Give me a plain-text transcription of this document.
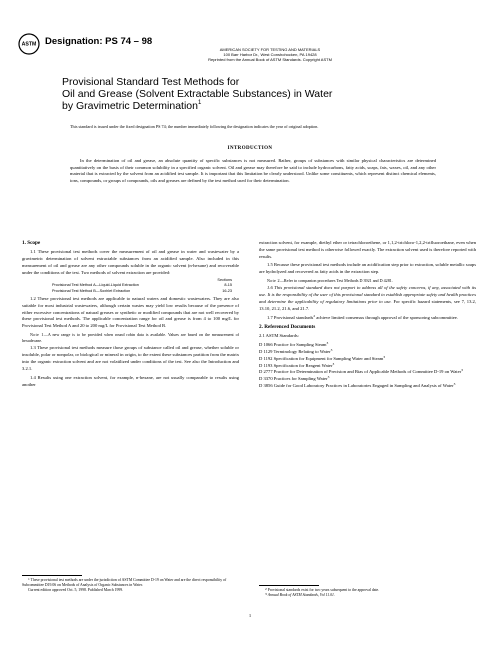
ASTM Designation: PS 74 – 98
AMERICAN SOCIETY FOR TESTING AND MATERIALS
100 Barr Harbor Dr., West Conshohocken, PA 19428
Reprinted from the Annual Book of ASTM Standards. Copyright ASTM
Provisional Standard Test Methods for
Oil and Grease (Solvent Extractable Substances) in Water
by Gravimetric Determination$^1$
This standard is issued under the fixed designation PS 74; the number immediately following the designation indicates the year of original adoption.
INTRODUCTION

In the determination of oil and grease, an absolute quantity of specific substances is not measured. Rather, groups of substances with similar physical characteristics are determined quantitatively on the basis of their common solubility in a specified organic solvent. Oil and grease may therefore be said to include hydrocarbons, fatty acids, soaps, fats, waxes, oil, and any other material that is extracted by the solvent from an acidified test sample. It is important that this limitation be clearly understood. Unlike some constituents, which represent distinct chemical elements, ions, compounds, or groups of compounds, oils and greases are defined by the test method used for their determination.

1. Scope

1.1 These provisional test methods cover the measurement of oil and grease in water and wastewater by a gravimetric determination of solvent extractable substances from an acidified sample. Also included in this measurement of oil and grease are any other compounds soluble in the organic solvent (n-hexane) and recoverable under the conditions of the test. Two methods of solvent extraction are provided:

Sections
Provisional Test Method A—Liquid-Liquid Extraction	8-15
Provisional Test Method B—Soxhlet Extraction	16-23

1.2 These provisional test methods are applicable to natural waters and domestic wastewaters. They are also suitable for most industrial wastewaters, although certain wastes may yield low results because of the presence of either excessive concentrations of natural greases or synthetic or modified compounds that are not well recovered by these provisional test methods. The applicable concentration range for oil and grease is from 4 to 100 mg/L for Provisional Test Method A and 20 to 200 mg/L for Provisional Test Method B.

Note 1—A new range is to be provided when round robin data is available. Values are based on the measurement of hexadecane.

1.3 These provisional test methods measure those groups of substance called oil and grease, whether soluble or insoluble, polar or nonpolar, or biological or mineral in origin, to the extent these substances partition from the matrix into the organic extraction solvent and are not volatilized under conditions of the test. See also the Introduction and 3.2.1.

1.4 Results using one extraction solvent, for example, n-hexane, are not usually comparable to results using another

$^1$ These provisional test methods are under the jurisdiction of ASTM Committee D-19 on Water and are the direct responsibility of Subcommittee D19.06 on Methods of Analysis of Organic Substances in Water.

Current edition approved Oct. 5, 1998. Published March 1999.

extraction solvent, for example, diethyl ether or tetrachloroethene, or 1,1,2-trichloro-1,2,2-trifluoroethane, even when the same provisional test method is otherwise followed exactly. The extraction solvent used is therefore reported with results.

1.5 Because these provisional test methods include an acidification step prior to extraction, soluble metallic soaps are hydrolyzed and recovered as fatty acids in the extraction step.

Note 2—Refer to companion procedures Test Methods D 3921 and D 4281.

1.6 This provisional standard does not purport to address all of the safety concerns, if any, associated with its use. It is the responsibility of the user of this provisional standard to establish appropriate safety and health practices and determine the applicability of regulatory limitations prior to use. For specific hazard statements, see 7, 13.2, 13.10, 21.2, 21.6, and 21.7.

1.7 Provisional standards$^2$ achieve limited consensus through approval of the sponsoring subcommittee.

2. Referenced Documents

2.1 ASTM Standards:

D 1066 Practice for Sampling Steam$^3$
D 1129 Terminology Relating to Water$^3$
D 1192 Specification for Equipment for Sampling Water and Steam$^3$
D 1193 Specification for Reagent Water$^3$
D 2777 Practice for Determination of Precision and Bias of Applicable Methods of Committee D-19 on Water$^3$
D 3370 Practices for Sampling Water$^3$
D 3856 Guide for Good Laboratory Practices in Laboratories Engaged in Sampling and Analysis of Water$^3$

$^2$ Provisional standards exist for two years subsequent to the approval date.

$^3$ Annual Book of ASTM Standards, Vol 11.01.

1
